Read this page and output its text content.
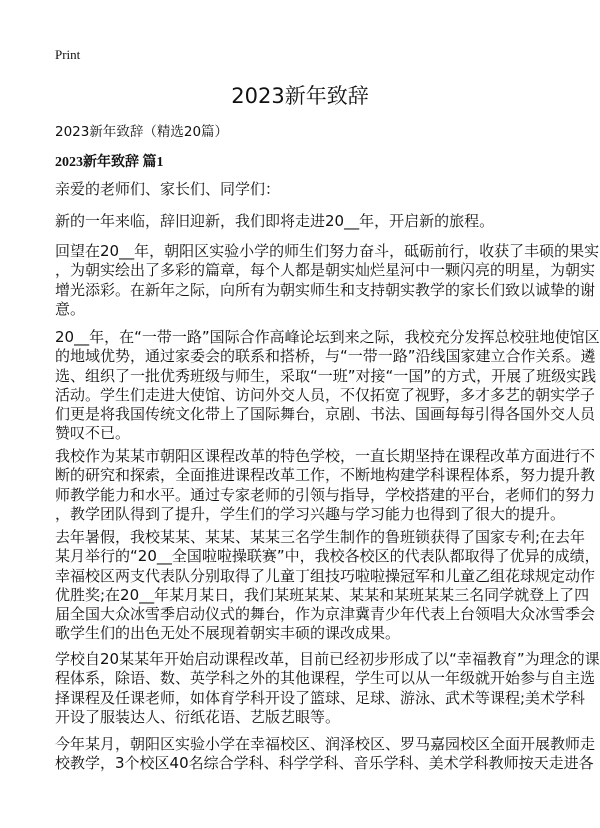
Print
2023新年致辞
2023新年致辞（精选20篇）
2023新年致辞 篇1
亲爱的老师们、家长们、同学们：
新的一年来临，辞旧迎新，我们即将走进20__年，开启新的旅程。
回望在20__年，朝阳区实验小学的师生们努力奋斗，砥砺前行，收获了丰硕的果实
，为朝实绘出了多彩的篇章，每个人都是朝实灿烂星河中一颗闪亮的明星，为朝实
增光添彩。在新年之际，向所有为朝实师生和支持朝实教学的家长们致以诚挚的谢
意。
20__年，在“一带一路”国际合作高峰论坛到来之际，我校充分发挥总校驻地使馆区
的地域优势，通过家委会的联系和搭桥，与“一带一路”沿线国家建立合作关系。遴
选、组织了一批优秀班级与师生，采取“一班”对接“一国”的方式，开展了班级实践
活动。学生们走进大使馆、访问外交人员，不仅拓宽了视野，多才多艺的朝实学子
们更是将我国传统文化带上了国际舞台，京剧、书法、国画每每引得各国外交人员
赞叹不已。
我校作为某某市朝阳区课程改革的特色学校，一直长期坚持在课程改革方面进行不
断的研究和探索，全面推进课程改革工作，不断地构建学科课程体系，努力提升教
师教学能力和水平。通过专家老师的引领与指导，学校搭建的平台，老师们的努力
，教学团队得到了提升，学生们的学习兴趣与学习能力也得到了很大的提升。
去年暑假，我校某某、某某、某某三名学生制作的鲁班锁获得了国家专利;在去年
某月举行的“20__全国啦啦操联赛”中，我校各校区的代表队都取得了优异的成绩，
幸福校区两支代表队分别取得了儿童丁组技巧啦啦操冠军和儿童乙组花球规定动作
优胜奖;在20__年某月某日，我们某班某某、某某和某班某某三名同学就登上了四
届全国大众冰雪季启动仪式的舞台，作为京津冀青少年代表上台领唱大众冰雪季会
歌学生们的出色无处不展现着朝实丰硕的课改成果。
学校自20某某年开始启动课程改革，目前已经初步形成了以“幸福教育”为理念的课
程体系，除语、数、英学科之外的其他课程，学生可以从一年级就开始参与自主选
择课程及任课老师，如体育学科开设了篮球、足球、游泳、武术等课程;美术学科
开设了服装达人、衍纸花语、艺版艺眼等。
今年某月，朝阳区实验小学在幸福校区、润泽校区、罗马嘉园校区全面开展教师走
校教学，3个校区40名综合学科、科学学科、音乐学科、美术学科教师按天走进各
